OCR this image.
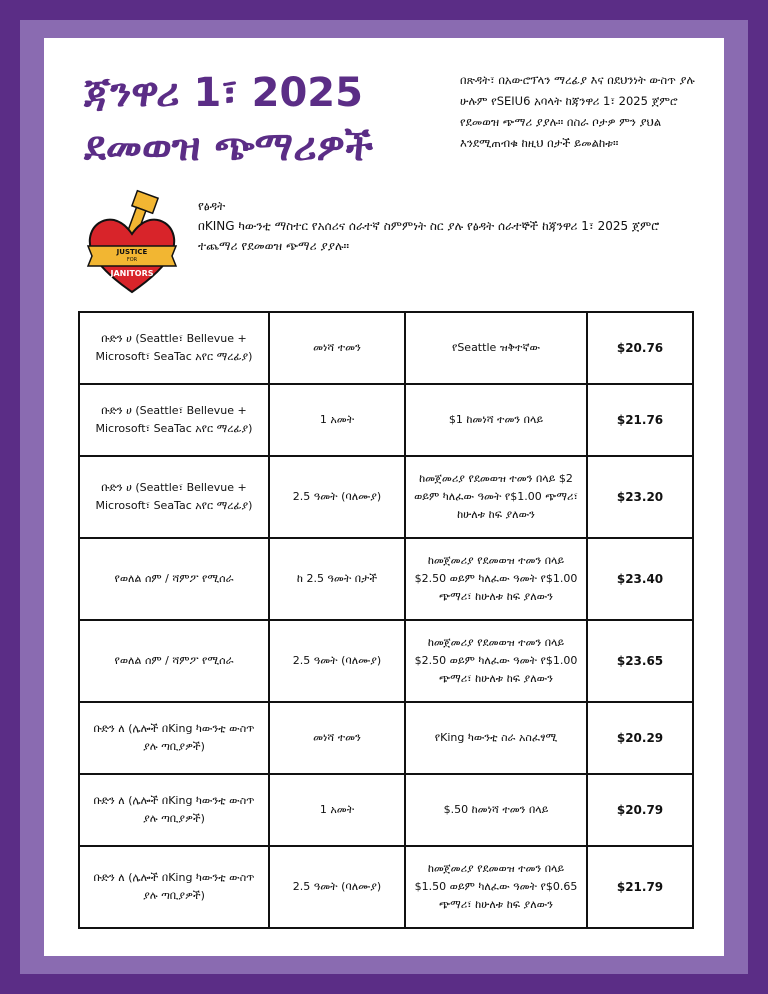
ጃንዋሪ 1፣ 2025
ደመወዝ ጭማሪዎች

በጽዳት፣ በአውሮፕላን ማረፊያ እና በደህንነት ውስጥ ያሉ ሁሉም የSEIU6 አባላት ከጃንዋሪ 1፣ 2025 ጀምሮ የደመወዝ ጭማሪ ያያሉ። በስራ ቦታዎ ምን ያህል እንደሚጠብቁ ከዚህ በታች ይመልከቱ።

JUSTICE
FOR
JANITORS
የፅዳት
በKING ካውንቲ ማስተር የአሰሪና ሰራተኛ ስምምነት ስር ያሉ የፅዳት ሰራተኞች ከጃንዋሪ 1፣ 2025 ጀምሮ ተጨማሪ የደመወዝ ጭማሪ ያያሉ።
ቡድን ሀ (Seattle፣ Bellevue + Microsoft፣ SeaTac አየር ማረፊያ)	መነሻ ተመን	የSeattle ዝቅተኛው	$20.76
ቡድን ሀ (Seattle፣ Bellevue + Microsoft፣ SeaTac አየር ማረፊያ)	1 አመት	$1 ከመነሻ ተመን በላይ	$21.76
ቡድን ሀ (Seattle፣ Bellevue + Microsoft፣ SeaTac አየር ማረፊያ)	2.5 ዓመት (ባለሙያ)	ከመጀመሪያ የደመወዝ ተመን በላይ $2 ወይም ካለፈው ዓመት የ$1.00 ጭማሪ፣ ከሁለቱ ከፍ ያለውን	$23.20
የወለል ሰም / ሻምፖ የሚሰራ	ከ 2.5 ዓመት በታች	ከመጀመሪያ የደመወዝ ተመን በላይ $2.50 ወይም ካለፈው ዓመት የ$1.00 ጭማሪ፣ ከሁለቱ ከፍ ያለውን	$23.40
የወለል ሰም / ሻምፖ የሚሰራ	2.5 ዓመት (ባለሙያ)	ከመጀመሪያ የደመወዝ ተመን በላይ $2.50 ወይም ካለፈው ዓመት የ$1.00 ጭማሪ፣ ከሁለቱ ከፍ ያለውን	$23.65
ቡድን ለ (ሌሎች በKing ካውንቲ ውስጥ ያሉ ጣቢያዎች)	መነሻ ተመን	የKing ካውንቲ ስራ አስፈፃሚ	$20.29
ቡድን ለ (ሌሎች በKing ካውንቲ ውስጥ ያሉ ጣቢያዎች)	1 አመት	$.50 ከመነሻ ተመን በላይ	$20.79
ቡድን ለ (ሌሎች በKing ካውንቲ ውስጥ ያሉ ጣቢያዎች)	2.5 ዓመት (ባለሙያ)	ከመጀመሪያ የደመወዝ ተመን በላይ $1.50 ወይም ካለፈው ዓመት የ$0.65 ጭማሪ፣ ከሁለቱ ከፍ ያለውን	$21.79
